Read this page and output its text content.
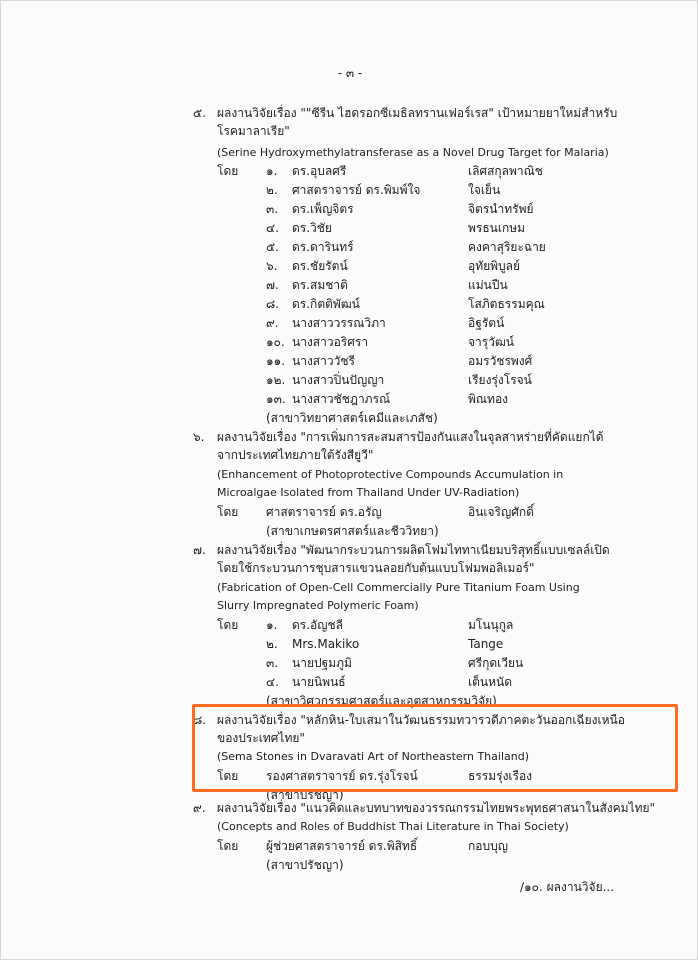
- ๓ -
๕. ผลงานวิจัยเรื่อง ""ซีรีน ไฮดรอกซีเมธิลทรานเฟอร์เรส" เป้าหมายยาใหม่สำหรับ
โรคมาลาเรีย"
(Serine Hydroxymethylatransferase as a Novel Drug Target for Malaria)
โดย ๑. ดร.อุบลศรี	เลิศสกุลพาณิช
๒. ศาสตราจารย์ ดร.พิมพ์ใจ	ใจเย็น
๓. ดร.เพ็ญจิตร	จิตรนำทรัพย์
๔. ดร.วิชัย	พรธนเกษม
๕. ดร.ดารินทร์	คงคาสุริยะฉาย
๖. ดร.ชัยรัตน์	อุทัยพิบูลย์
๗. ดร.สมชาติ	แม่นปืน
๘. ดร.กิตติพัฒน์	โสภิตธรรมคุณ
๙. นางสาววรรณวิภา	อิฐรัตน์
๑๐. นางสาวอริศรา	จารุวัฒน์
๑๑. นางสาววัชรี	อมรวัชรพงศ์
๑๒. นางสาวปิ่นปัญญา	เรียงรุ่งโรจน์
๑๓. นางสาวชัชฎาภรณ์	พิณทอง
(สาขาวิทยาศาสตร์เคมีและเภสัช)
๖. ผลงานวิจัยเรื่อง "การเพิ่มการสะสมสารป้องกันแสงในจุลสาหร่ายที่คัดแยกได้
จากประเทศไทยภายใต้รังสียูวี"
(Enhancement of Photoprotective Compounds Accumulation in
Microalgae Isolated from Thailand Under UV-Radiation)
โดย ศาสตราจารย์ ดร.อรัญ	อินเจริญศักดิ์
(สาขาเกษตรศาสตร์และชีววิทยา)
๗. ผลงานวิจัยเรื่อง "พัฒนากระบวนการผลิตโฟมไททาเนียมบริสุทธิ์แบบเซลล์เปิด
โดยใช้กระบวนการชุบสารแขวนลอยกับต้นแบบโฟมพอลิเมอร์"
(Fabrication of Open-Cell Commercially Pure Titanium Foam Using
Slurry Impregnated Polymeric Foam)
โดย ๑. ดร.อัญชลี	มโนนุกูล
๒. Mrs.Makiko	Tange
๓. นายปฐมภูมิ	ศรีกุดเวียน
๔. นายนิพนธ์	เต็นหนัด
(สาขาวิศวกรรมศาสตร์และอุตสาหกรรมวิจัย)
๘. ผลงานวิจัยเรื่อง "หลักหิน-ใบเสมาในวัฒนธรรมทวารวดีภาคตะวันออกเฉียงเหนือ
ของประเทศไทย"
(Sema Stones in Dvaravati Art of Northeastern Thailand)
โดย รองศาสตราจารย์ ดร.รุ่งโรจน์	ธรรมรุ่งเรือง
(สาขาปรัชญา)
๙. ผลงานวิจัยเรื่อง "แนวคิดและบทบาทของวรรณกรรมไทยพระพุทธศาสนาในสังคมไทย"
(Concepts and Roles of Buddhist Thai Literature in Thai Society)
โดย ผู้ช่วยศาสตราจารย์ ดร.พิสิทธิ์	กอบบุญ
(สาขาปรัชญา)
/๑๐. ผลงานวิจัย...
